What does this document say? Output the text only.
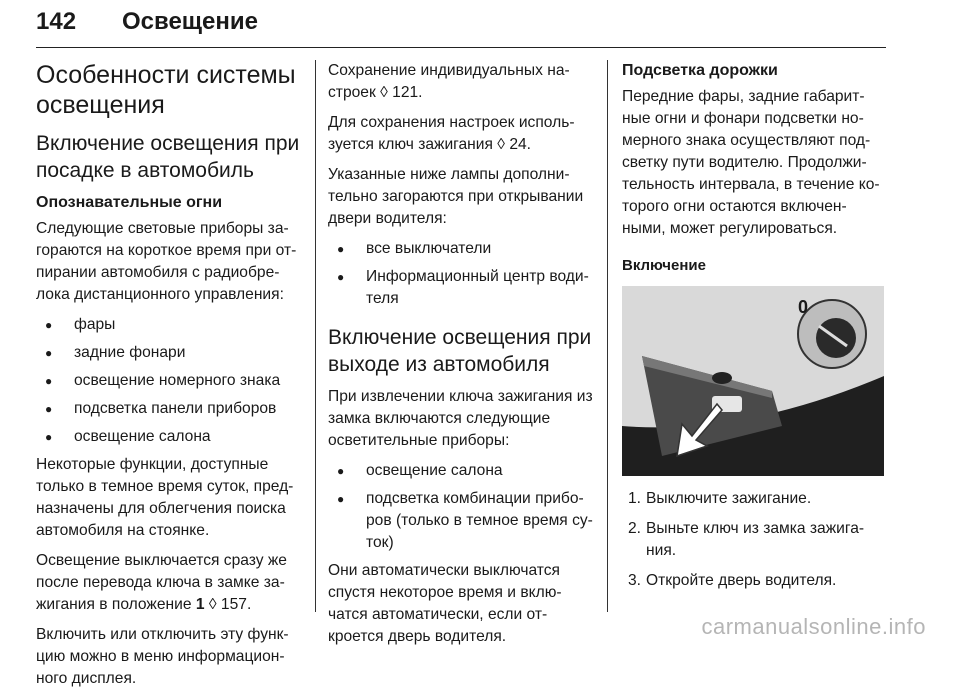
142 Освещение
Особенности системы освещения
Включение освещения при посадке в автомобиль
Опознавательные огни

Следующие световые приборы за-гораются на короткое время при от-пирании автомобиля с радиобре-лока дистанционного управления:

● фары
● задние фонари
● освещение номерного знака
● подсветка панели приборов
● освещение салона

Некоторые функции, доступные только в темное время суток, пред-назначены для облегчения поиска автомобиля на стоянке.

Освещение выключается сразу же после перевода ключа в замке за-жигания в положение 1 ◊ 157.

Включить или отключить эту функ-цию можно в меню информацион-ного дисплея.

Сохранение индивидуальных на-строек ◊ 121.

Для сохранения настроек исполь-зуется ключ зажигания ◊ 24.

Указанные ниже лампы дополни-тельно загораются при открывании двери водителя:

● все выключатели
● Информационный центр води-теля
Включение освещения при выходе из автомобиля

При извлечении ключа зажигания из замка включаются следующие осветительные приборы:

● освещение салона
● подсветка комбинации прибо-ров (только в темное время су-ток)

Они автоматически выключатся спустя некоторое время и вклю-чатся автоматически, если от-кроется дверь водителя.

Подсветка дорожки

Передние фары, задние габарит-ные огни и фонари подсветки но-мерного знака осуществляют под-светку пути водителю. Продолжи-тельность интервала, в течение ко-торого огни остаются включен-ными, может регулироваться.

Включение
0
1. Выключите зажигание.
2. Выньте ключ из замка зажига-ния.
3. Откройте дверь водителя.
carmanualsonline.info
